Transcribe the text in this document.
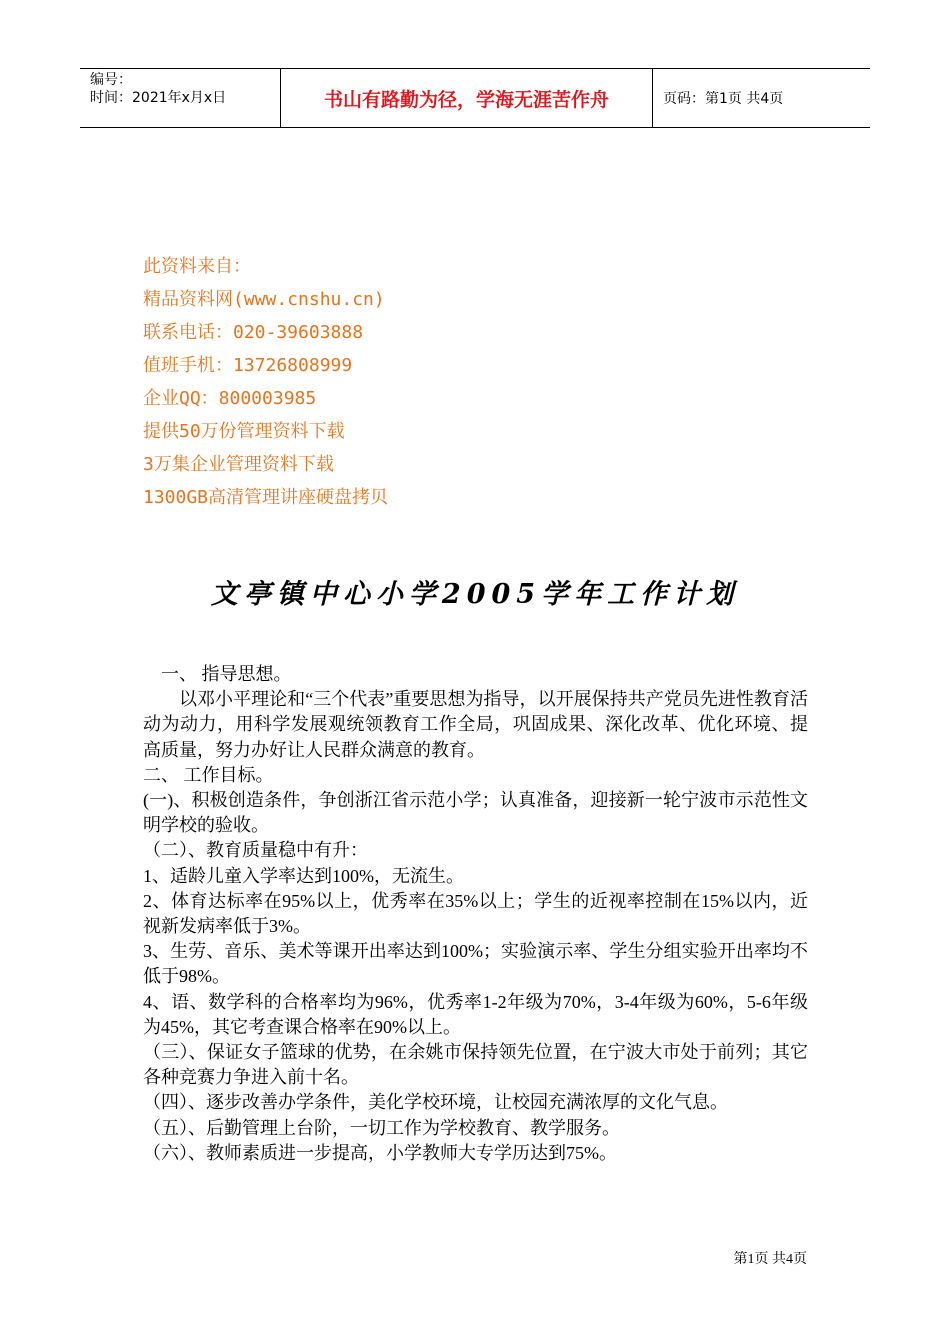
编号：
时间：2021年x月x日	书山有路勤为径，学海无涯苦作舟	页码：第1页 共4页
此资料来自：
精品资料网(www.cnshu.cn)
联系电话：020-39603888
值班手机：13726808999
企业QQ：800003985
提供50万份管理资料下载
3万集企业管理资料下载
1300GB高清管理讲座硬盘拷贝
文亭镇中心小学2005学年工作计划

一、 指导思想。

以邓小平理论和“三个代表”重要思想为指导，以开展保持共产党员先进性教育活动为动力，用科学发展观统领教育工作全局，巩固成果、深化改革、优化环境、提高质量，努力办好让人民群众满意的教育。

二、 工作目标。

(一)、积极创造条件，争创浙江省示范小学；认真准备，迎接新一轮宁波市示范性文明学校的验收。

（二）、教育质量稳中有升：

1、适龄儿童入学率达到100%，无流生。

2、体育达标率在95%以上，优秀率在35%以上；学生的近视率控制在15%以内，近视新发病率低于3%。

3、生劳、音乐、美术等课开出率达到100%；实验演示率、学生分组实验开出率均不低于98%。

4、语、数学科的合格率均为96%，优秀率1-2年级为70%，3-4年级为60%，5-6年级为45%，其它考查课合格率在90%以上。

（三）、保证女子篮球的优势，在余姚市保持领先位置，在宁波大市处于前列；其它各种竞赛力争进入前十名。

（四）、逐步改善办学条件，美化学校环境，让校园充满浓厚的文化气息。

（五）、后勤管理上台阶，一切工作为学校教育、教学服务。

（六）、教师素质进一步提高，小学教师大专学历达到75%。

第1页 共4页
